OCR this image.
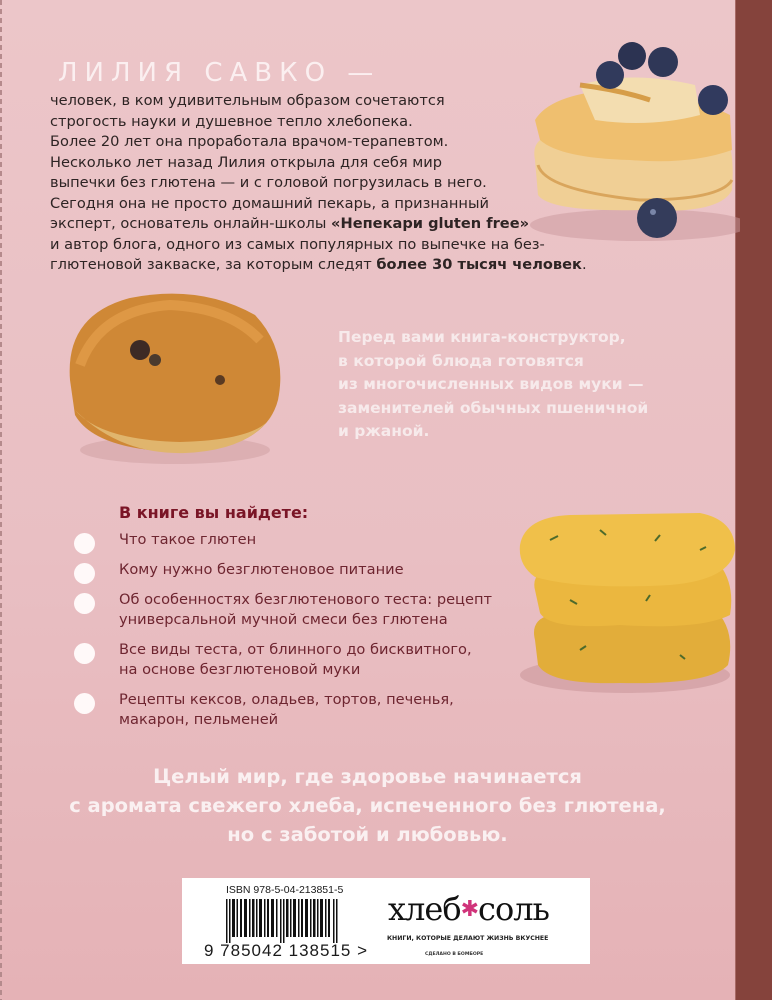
ЛИЛИЯ САВКО —

человек, в ком удивительным образом сочетаются

строгость науки и душевное тепло хлебопека.

Более 20 лет она проработала врачом-терапевтом.

Несколько лет назад Лилия открыла для себя мир

выпечки без глютена — и с головой погрузилась в него.

Сегодня она не просто домашний пекарь, а признанный

эксперт, основатель онлайн-школы «Непекари gluten free»

и автор блога, одного из самых популярных по выпечке на без-

глютеновой закваске, за которым следят более 30 тысяч человек.

Перед вами книга-конструктор,

в которой блюда готовятся

из многочисленных видов муки —

заменителей обычных пшеничной

и ржаной.

В книге вы найдете:

Что такое глютен

Кому нужно безглютеновое питание

Об особенностях безглютенового теста: рецепт

универсальной мучной смеси без глютена

Все виды теста, от блинного до бисквитного,

на основе безглютеновой муки

Рецепты кексов, оладьев, тортов, печенья,

макарон, пельменей

Целый мир, где здоровье начинается

с аромата свежего хлеба, испеченного без глютена,

но с заботой и любовью.

ISBN 978-5-04-213851-5
9 785042 138515 >
хлеб✱соль
КНИГИ, КОТОРЫЕ ДЕЛАЮТ ЖИЗНЬ ВКУСНЕЕ
СДЕЛАНО В БОМБОРЕ
